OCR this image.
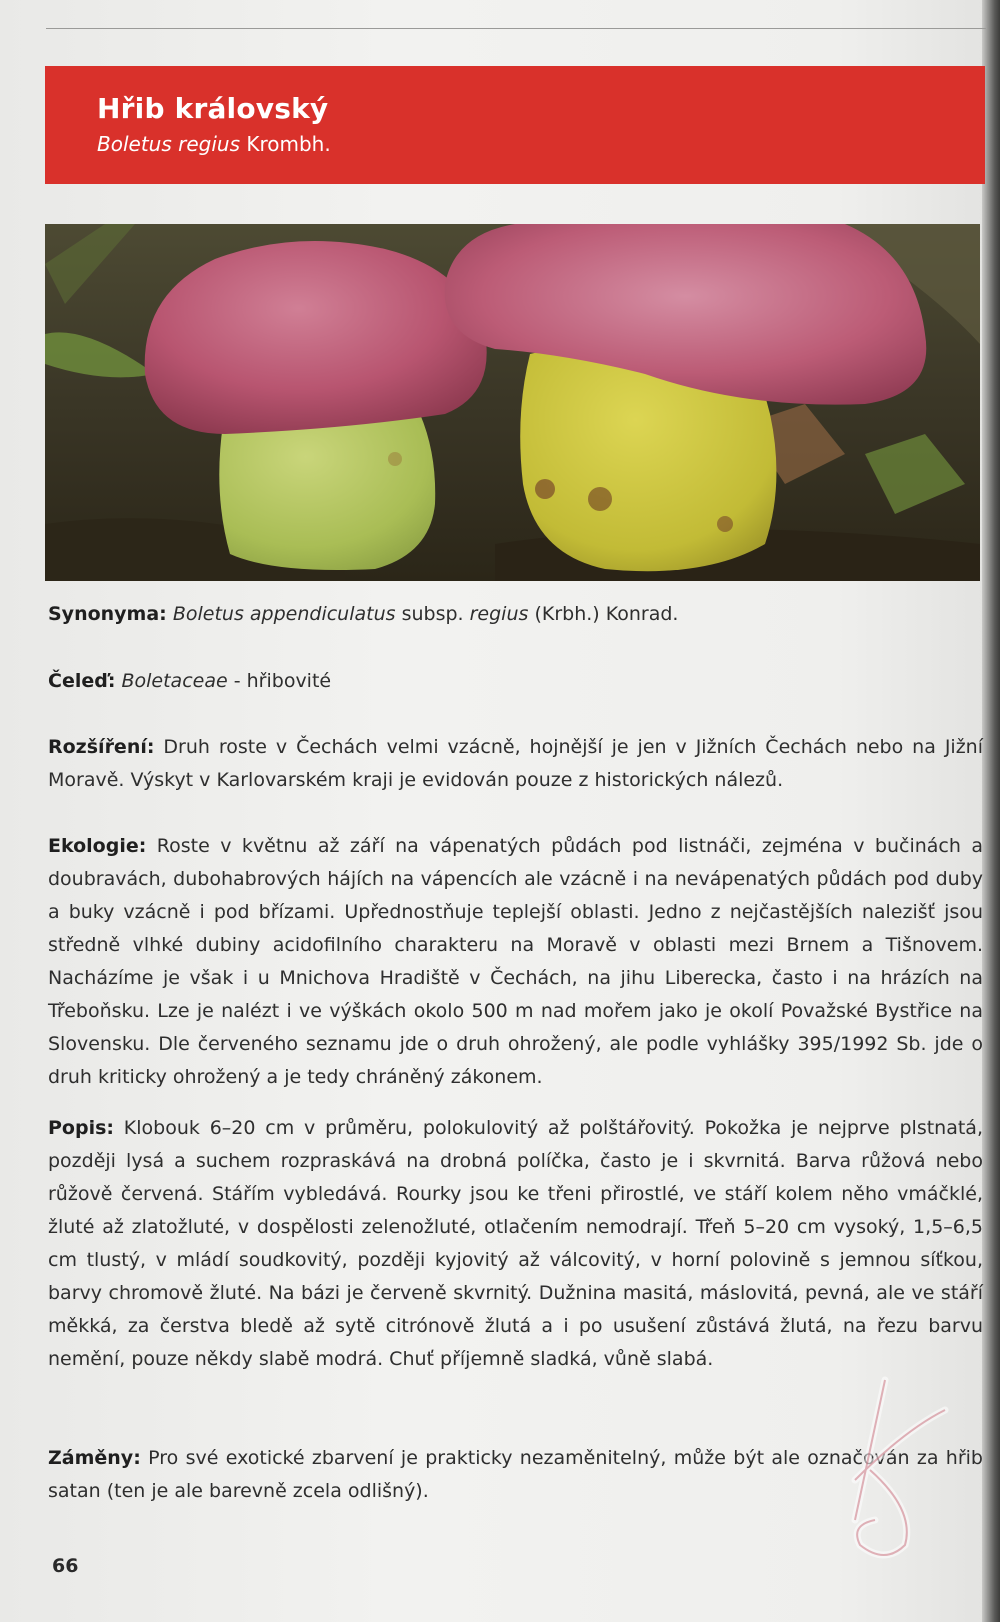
Hřib královský
Boletus regius Krombh.
Synonyma: Boletus appendiculatus subsp. regius (Krbh.) Konrad.
Čeleď: Boletaceae - hřibovité
Rozšíření: Druh roste v Čechách velmi vzácně, hojnější je jen v Jižních Čechách nebo na Jižní Moravě. Výskyt v Karlovarském kraji je evidován pouze z historických nálezů.
Ekologie: Roste v květnu až září na vápenatých půdách pod listnáči, zejména v bučinách a doubravách, dubohabrových hájích na vápencích ale vzácně i na nevápenatých půdách pod duby a buky vzácně i pod břízami. Upřednostňuje teplejší oblasti. Jedno z nejčastějších nalezišť jsou středně vlhké dubiny acidofilního charakteru na Moravě v oblasti mezi Brnem a Tišnovem. Nacházíme je však i u Mnichova Hradiště v Čechách, na jihu Liberecka, často i na hrázích na Třeboňsku. Lze je nalézt i ve výškách okolo 500 m nad mořem jako je okolí Považské Bystřice na Slovensku. Dle červeného seznamu jde o druh ohrožený, ale podle vyhlášky 395/1992 Sb. jde o druh kriticky ohrožený a je tedy chráněný zákonem.
Popis: Klobouk 6–20 cm v průměru, polokulovitý až polštářovitý. Pokožka je nejprve plstnatá, později lysá a suchem rozpraskává na drobná políčka, často je i skvrnitá. Barva růžová nebo růžově červená. Stářím vybledává. Rourky jsou ke třeni přirostlé, ve stáří kolem něho vmáčklé, žluté až zlatožluté, v dospělosti zelenožluté, otlačením nemodrají. Třeň 5–20 cm vysoký, 1,5–6,5 cm tlustý, v mládí soudkovitý, později kyjovitý až válcovitý, v horní polovině s jemnou síťkou, barvy chromově žluté. Na bázi je červeně skvrnitý. Dužnina masitá, máslovitá, pevná, ale ve stáří měkká, za čerstva bledě až sytě citrónově žlutá a i po usušení zůstává žlutá, na řezu barvu nemění, pouze někdy slabě modrá. Chuť příjemně sladká, vůně slabá.
Záměny: Pro své exotické zbarvení je prakticky nezaměnitelný, může být ale označován za hřib satan (ten je ale barevně zcela odlišný).
66
